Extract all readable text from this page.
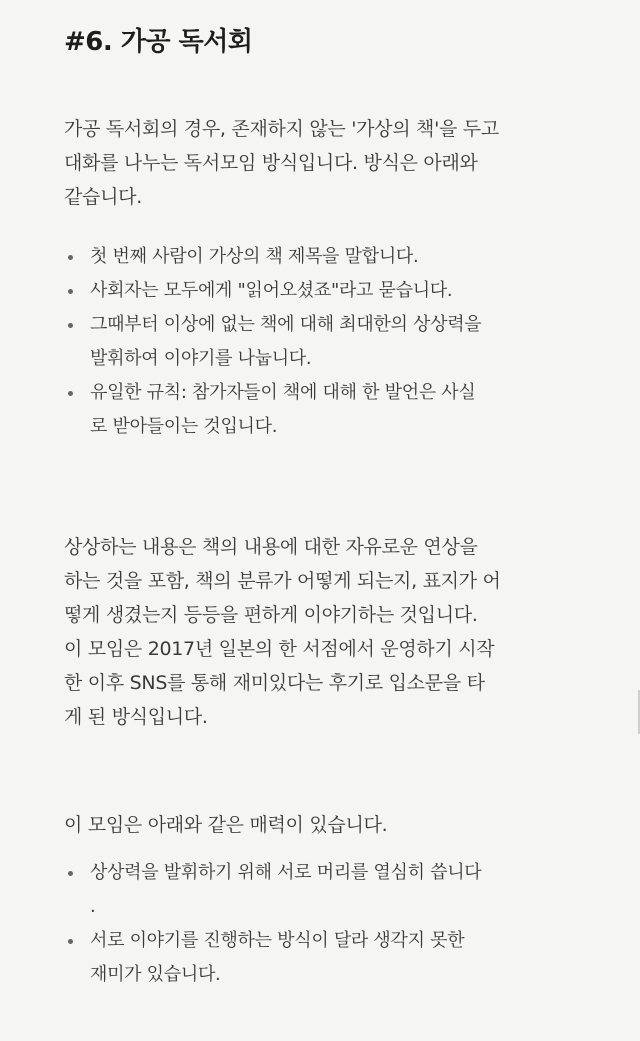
#6. 가공 독서회

가공 독서회의 경우, 존재하지 않는 '가상의 책'을 두고
대화를 나누는 독서모임 방식입니다. 방식은 아래와
같습니다.

첫 번째 사람이 가상의 책 제목을 말합니다.
사회자는 모두에게 "읽어오셨죠"라고 묻습니다.
그때부터 이상에 없는 책에 대해 최대한의 상상력을
발휘하여 이야기를 나눕니다.
유일한 규칙: 참가자들이 책에 대해 한 발언은 사실
로 받아들이는 것입니다.

상상하는 내용은 책의 내용에 대한 자유로운 연상을
하는 것을 포함, 책의 분류가 어떻게 되는지, 표지가 어
떻게 생겼는지 등등을 편하게 이야기하는 것입니다.
이 모임은 2017년 일본의 한 서점에서 운영하기 시작
한 이후 SNS를 통해 재미있다는 후기로 입소문을 타
게 된 방식입니다.

이 모임은 아래와 같은 매력이 있습니다.

상상력을 발휘하기 위해 서로 머리를 열심히 씁니다
.
서로 이야기를 진행하는 방식이 달라 생각지 못한
재미가 있습니다.
